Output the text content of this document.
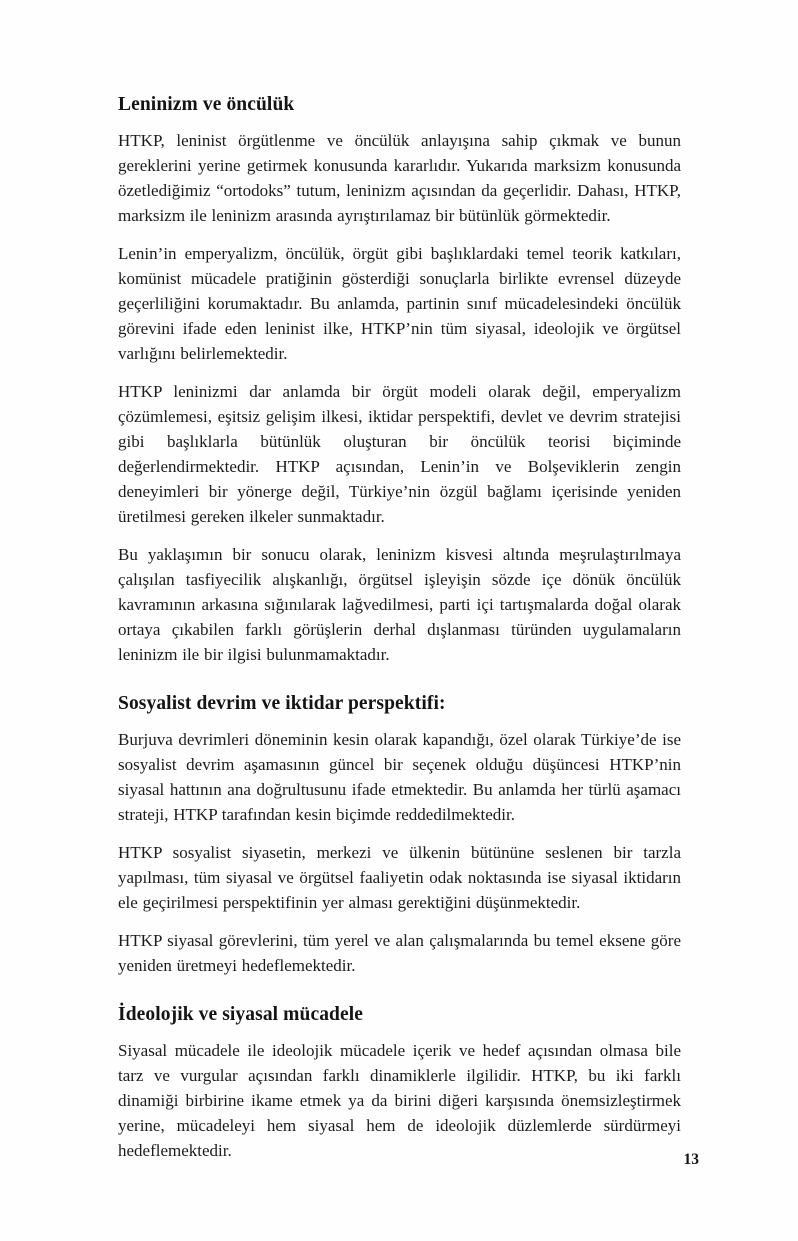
Leninizm ve öncülük

HTKP, leninist örgütlenme ve öncülük anlayışına sahip çıkmak ve bunun gereklerini yerine getirmek konusunda kararlıdır. Yukarıda marksizm konusunda özetlediğimiz “ortodoks” tutum, leninizm açısından da geçerlidir. Dahası, HTKP, marksizm ile leninizm arasında ayrıştırılamaz bir bütünlük görmektedir.

Lenin’in emperyalizm, öncülük, örgüt gibi başlıklardaki temel teorik katkıları, komünist mücadele pratiğinin gösterdiği sonuçlarla birlikte evrensel düzeyde geçerliliğini korumaktadır. Bu anlamda, partinin sınıf mücadelesindeki öncülük görevini ifade eden leninist ilke, HTKP’nin tüm siyasal, ideolojik ve örgütsel varlığını belirlemektedir.

HTKP leninizmi dar anlamda bir örgüt modeli olarak değil, emperyalizm çözümlemesi, eşitsiz gelişim ilkesi, iktidar perspektifi, devlet ve devrim stratejisi gibi başlıklarla bütünlük oluşturan bir öncülük teorisi biçiminde değerlendirmektedir. HTKP açısından, Lenin’in ve Bolşeviklerin zengin deneyimleri bir yönerge değil, Türkiye’nin özgül bağlamı içerisinde yeniden üretilmesi gereken ilkeler sunmaktadır.

Bu yaklaşımın bir sonucu olarak, leninizm kisvesi altında meşrulaştırılmaya çalışılan tasfiyecilik alışkanlığı, örgütsel işleyişin sözde içe dönük öncülük kavramının arkasına sığınılarak lağvedilmesi, parti içi tartışmalarda doğal olarak ortaya çıkabilen farklı görüşlerin derhal dışlanması türünden uygulamaların leninizm ile bir ilgisi bulunmamaktadır.

Sosyalist devrim ve iktidar perspektifi:

Burjuva devrimleri döneminin kesin olarak kapandığı, özel olarak Türkiye’de ise sosyalist devrim aşamasının güncel bir seçenek olduğu düşüncesi HTKP’nin siyasal hattının ana doğrultusunu ifade etmektedir. Bu anlamda her türlü aşamacı strateji, HTKP tarafından kesin biçimde reddedilmektedir.

HTKP sosyalist siyasetin, merkezi ve ülkenin bütününe seslenen bir tarzla yapılması, tüm siyasal ve örgütsel faaliyetin odak noktasında ise siyasal iktidarın ele geçirilmesi perspektifinin yer alması gerektiğini düşünmektedir.

HTKP siyasal görevlerini, tüm yerel ve alan çalışmalarında bu temel eksene göre yeniden üretmeyi hedeflemektedir.

İdeolojik ve siyasal mücadele

Siyasal mücadele ile ideolojik mücadele içerik ve hedef açısından olmasa bile tarz ve vurgular açısından farklı dinamiklerle ilgilidir. HTKP, bu iki farklı dinamiği birbirine ikame etmek ya da birini diğeri karşısında önemsizleştirmek yerine, mücadeleyi hem siyasal hem de ideolojik düzlemlerde sürdürmeyi hedeflemektedir.	13
